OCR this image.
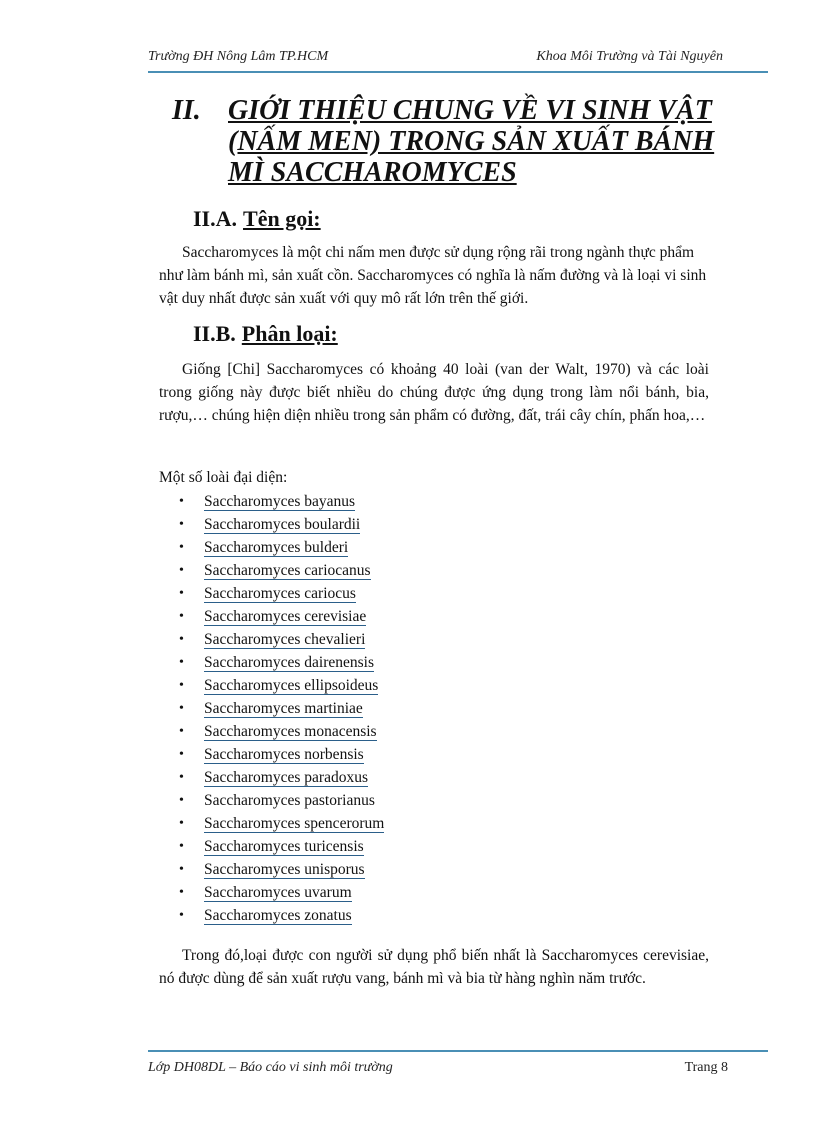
Trường ĐH Nông Lâm TP.HCM	Khoa Môi Trường và Tài Nguyên
II. GIỚI THIỆU CHUNG VỀ VI SINH VẬT (NẤM MEN) TRONG SẢN XUẤT BÁNH MÌ SACCHAROMYCES
II.A. Tên gọi:

Saccharomyces là một chi nấm men được sử dụng rộng rãi trong ngành thực phẩm như làm bánh mì, sản xuất cồn. Saccharomyces có nghĩa là nấm đường và là loại vi sinh vật duy nhất được sản xuất với quy mô rất lớn trên thế giới.

II.B. Phân loại:

Giống [Chi] Saccharomyces có khoảng 40 loài (van der Walt, 1970) và các loài trong giống này được biết nhiều do chúng được ứng dụng trong làm nổi bánh, bia, rượu,… chúng hiện diện nhiều trong sản phẩm có đường, đất, trái cây chín, phấn hoa,…

Một số loài đại diện:

• Saccharomyces bayanus
• Saccharomyces boulardii
• Saccharomyces bulderi
• Saccharomyces cariocanus
• Saccharomyces cariocus
• Saccharomyces cerevisiae
• Saccharomyces chevalieri
• Saccharomyces dairenensis
• Saccharomyces ellipsoideus
• Saccharomyces martiniae
• Saccharomyces monacensis
• Saccharomyces norbensis
• Saccharomyces paradoxus
• Saccharomyces pastorianus
• Saccharomyces spencerorum
• Saccharomyces turicensis
• Saccharomyces unisporus
• Saccharomyces uvarum
• Saccharomyces zonatus

Trong đó,loại được con người sử dụng phổ biến nhất là Saccharomyces cerevisiae, nó được dùng để sản xuất rượu vang, bánh mì và bia từ hàng nghìn năm trước.

Lớp DH08DL – Báo cáo vi sinh môi trường	Trang 8
